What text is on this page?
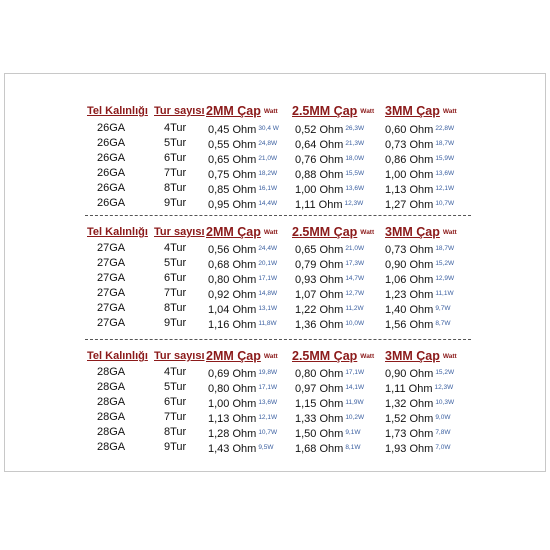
Tel Kalınlığı Tur sayısı 2MM Çap Watt 2.5MM Çap Watt 3MM Çap Watt
26GA	4Tur 0,45 Ohm $^{30,4 W}$ 0,52 Ohm $^{26,3W}$ 0,60 Ohm $^{22,8W}$
26GA	5Tur 0,55 Ohm $^{24,8W}$ 0,64 Ohm $^{21,3W}$ 0,73 Ohm $^{18,7W}$
26GA	6Tur 0,65 Ohm $^{21,0W}$ 0,76 Ohm $^{18,0W}$ 0,86 Ohm $^{15,9W}$
26GA	7Tur 0,75 Ohm $^{18,2W}$ 0,88 Ohm $^{15,5W}$ 1,00 Ohm $^{13,6W}$
26GA	8Tur 0,85 Ohm $^{16,1W}$ 1,00 Ohm $^{13,6W}$ 1,13 Ohm $^{12,1W}$
26GA	9Tur 0,95 Ohm $^{14,4W}$ 1,11 Ohm $^{12,3W}$ 1,27 Ohm $^{10,7W}$
Tel Kalınlığı Tur sayısı 2MM Çap Watt 2.5MM Çap Watt 3MM Çap Watt
27GA	4Tur 0,56 Ohm $^{24,4W}$ 0,65 Ohm $^{21,0W}$ 0,73 Ohm $^{18,7W}$
27GA	5Tur 0,68 Ohm $^{20,1W}$ 0,79 Ohm $^{17,3W}$ 0,90 Ohm $^{15,2W}$
27GA	6Tur 0,80 Ohm $^{17,1W}$ 0,93 Ohm $^{14,7W}$ 1,06 Ohm $^{12,9W}$
27GA	7Tur 0,92 Ohm $^{14,8W}$ 1,07 Ohm $^{12,7W}$ 1,23 Ohm $^{11,1W}$
27GA	8Tur 1,04 Ohm $^{13,1W}$ 1,22 Ohm $^{11,2W}$ 1,40 Ohm $^{9,7W}$
27GA	9Tur 1,16 Ohm $^{11,8W}$ 1,36 Ohm $^{10,0W}$ 1,56 Ohm $^{8,7W}$
Tel Kalınlığı Tur sayısı 2MM Çap Watt 2.5MM Çap Watt 3MM Çap Watt
28GA	4Tur 0,69 Ohm $^{19,8W}$ 0,80 Ohm $^{17,1W}$ 0,90 Ohm $^{15,2W}$
28GA	5Tur 0,80 Ohm $^{17,1W}$ 0,97 Ohm $^{14,1W}$ 1,11 Ohm $^{12,3W}$
28GA	6Tur 1,00 Ohm $^{13,6W}$ 1,15 Ohm $^{11,9W}$ 1,32 Ohm $^{10,3W}$
28GA	7Tur 1,13 Ohm $^{12,1W}$ 1,33 Ohm $^{10,2W}$ 1,52 Ohm $^{9,0W}$
28GA	8Tur 1,28 Ohm $^{10,7W}$ 1,50 Ohm $^{9,1W}$ 1,73 Ohm $^{7,8W}$
28GA	9Tur 1,43 Ohm $^{9,5W}$ 1,68 Ohm $^{8,1W}$ 1,93 Ohm $^{7,0W}$
